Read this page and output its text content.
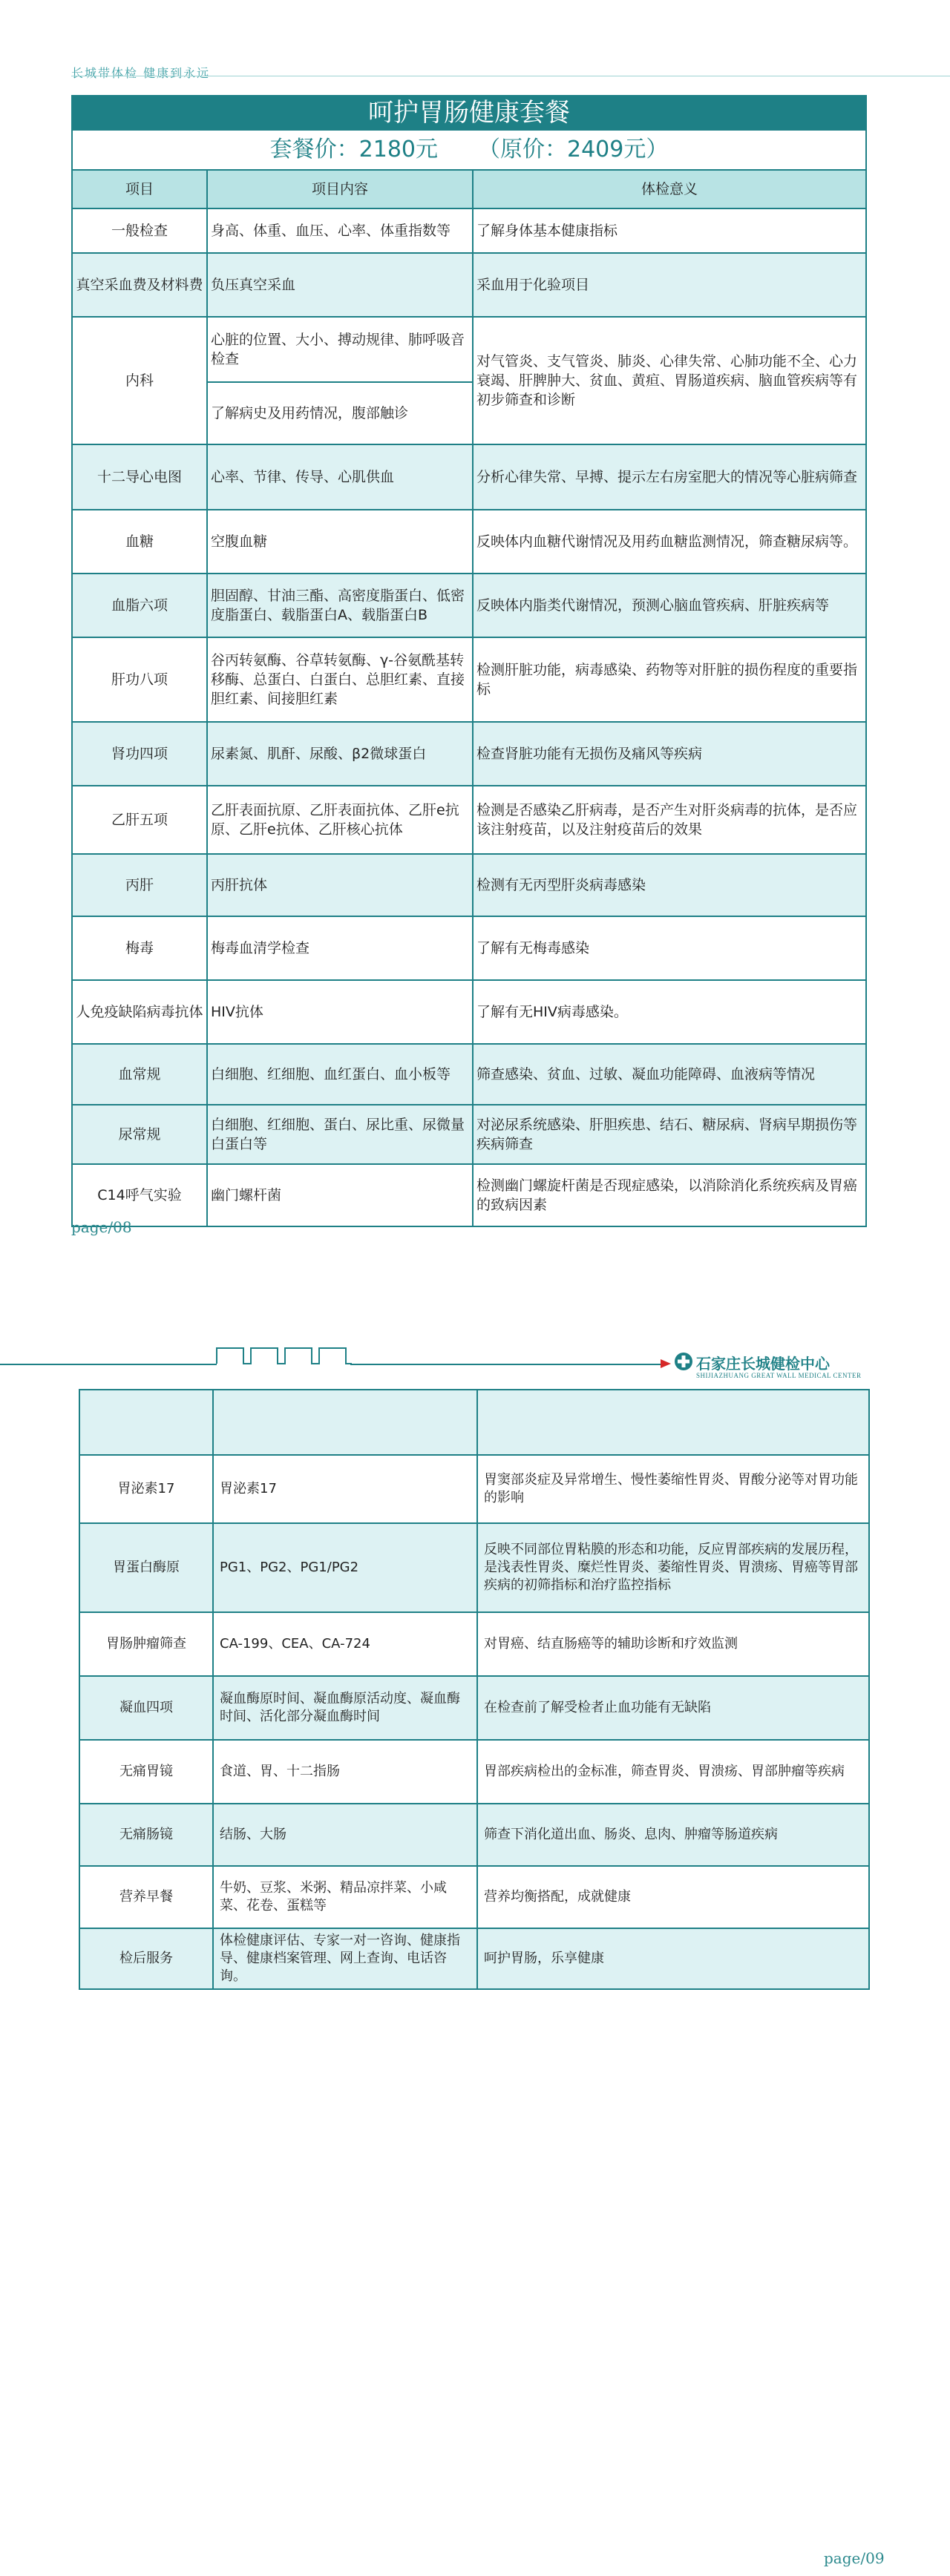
长城带体检 健康到永远
呵护胃肠健康套餐		
套餐价：2180元 （原价：2409元）		
项目	项目内容	体检意义
一般检查	身高、体重、血压、心率、体重指数等	了解身体基本健康指标
真空采血费及材料费	负压真空采血	采血用于化验项目
内科	心脏的位置、大小、搏动规律、肺呼吸音检查	对气管炎、支气管炎、肺炎、心律失常、心肺功能不全、心力衰竭、肝脾肿大、贫血、黄疸、胃肠道疾病、脑血管疾病等有初步筛查和诊断
	了解病史及用药情况，腹部触诊	
十二导心电图	心率、节律、传导、心肌供血	分析心律失常、早搏、提示左右房室肥大的情况等心脏病筛查
血糖	空腹血糖	反映体内血糖代谢情况及用药血糖监测情况，筛查糖尿病等。
血脂六项	胆固醇、甘油三酯、高密度脂蛋白、低密度脂蛋白、载脂蛋白A、载脂蛋白B	反映体内脂类代谢情况，预测心脑血管疾病、肝脏疾病等
肝功八项	谷丙转氨酶、谷草转氨酶、γ-谷氨酰基转移酶、总蛋白、白蛋白、总胆红素、直接胆红素、间接胆红素	检测肝脏功能，病毒感染、药物等对肝脏的损伤程度的重要指标
肾功四项	尿素氮、肌酐、尿酸、β2微球蛋白	检查肾脏功能有无损伤及痛风等疾病
乙肝五项	乙肝表面抗原、乙肝表面抗体、乙肝e抗原、乙肝e抗体、乙肝核心抗体	检测是否感染乙肝病毒，是否产生对肝炎病毒的抗体，是否应该注射疫苗，以及注射疫苗后的效果
丙肝	丙肝抗体	检测有无丙型肝炎病毒感染
梅毒	梅毒血清学检查	了解有无梅毒感染
人免疫缺陷病毒抗体	HIV抗体	了解有无HIV病毒感染。
血常规	白细胞、红细胞、血红蛋白、血小板等	筛查感染、贫血、过敏、凝血功能障碍、血液病等情况
尿常规	白细胞、红细胞、蛋白、尿比重、尿微量白蛋白等	对泌尿系统感染、肝胆疾患、结石、糖尿病、肾病早期损伤等疾病筛查
C14呼气实验	幽门螺杆菌	检测幽门螺旋杆菌是否现症感染，以消除消化系统疾病及胃癌的致病因素
page/08
石家庄长城健检中心
SHIJIAZHUANG GREAT WALL MEDICAL CENTER

胃泌素17	胃泌素17	胃窦部炎症及异常增生、慢性萎缩性胃炎、胃酸分泌等对胃功能的影响
胃蛋白酶原	PG1、PG2、PG1/PG2	反映不同部位胃粘膜的形态和功能，反应胃部疾病的发展历程，是浅表性胃炎、糜烂性胃炎、萎缩性胃炎、胃溃疡、胃癌等胃部疾病的初筛指标和治疗监控指标
胃肠肿瘤筛查	CA-199、CEA、CA-724	对胃癌、结直肠癌等的辅助诊断和疗效监测
凝血四项	凝血酶原时间、凝血酶原活动度、凝血酶时间、活化部分凝血酶时间	在检查前了解受检者止血功能有无缺陷
无痛胃镜	食道、胃、十二指肠	胃部疾病检出的金标准，筛查胃炎、胃溃疡、胃部肿瘤等疾病
无痛肠镜	结肠、大肠	筛查下消化道出血、肠炎、息肉、肿瘤等肠道疾病
营养早餐	牛奶、豆浆、米粥、精品凉拌菜、小咸菜、花卷、蛋糕等	营养均衡搭配，成就健康
检后服务	体检健康评估、专家一对一咨询、健康指导、健康档案管理、网上查询、电话咨询。	呵护胃肠，乐享健康
page/09
